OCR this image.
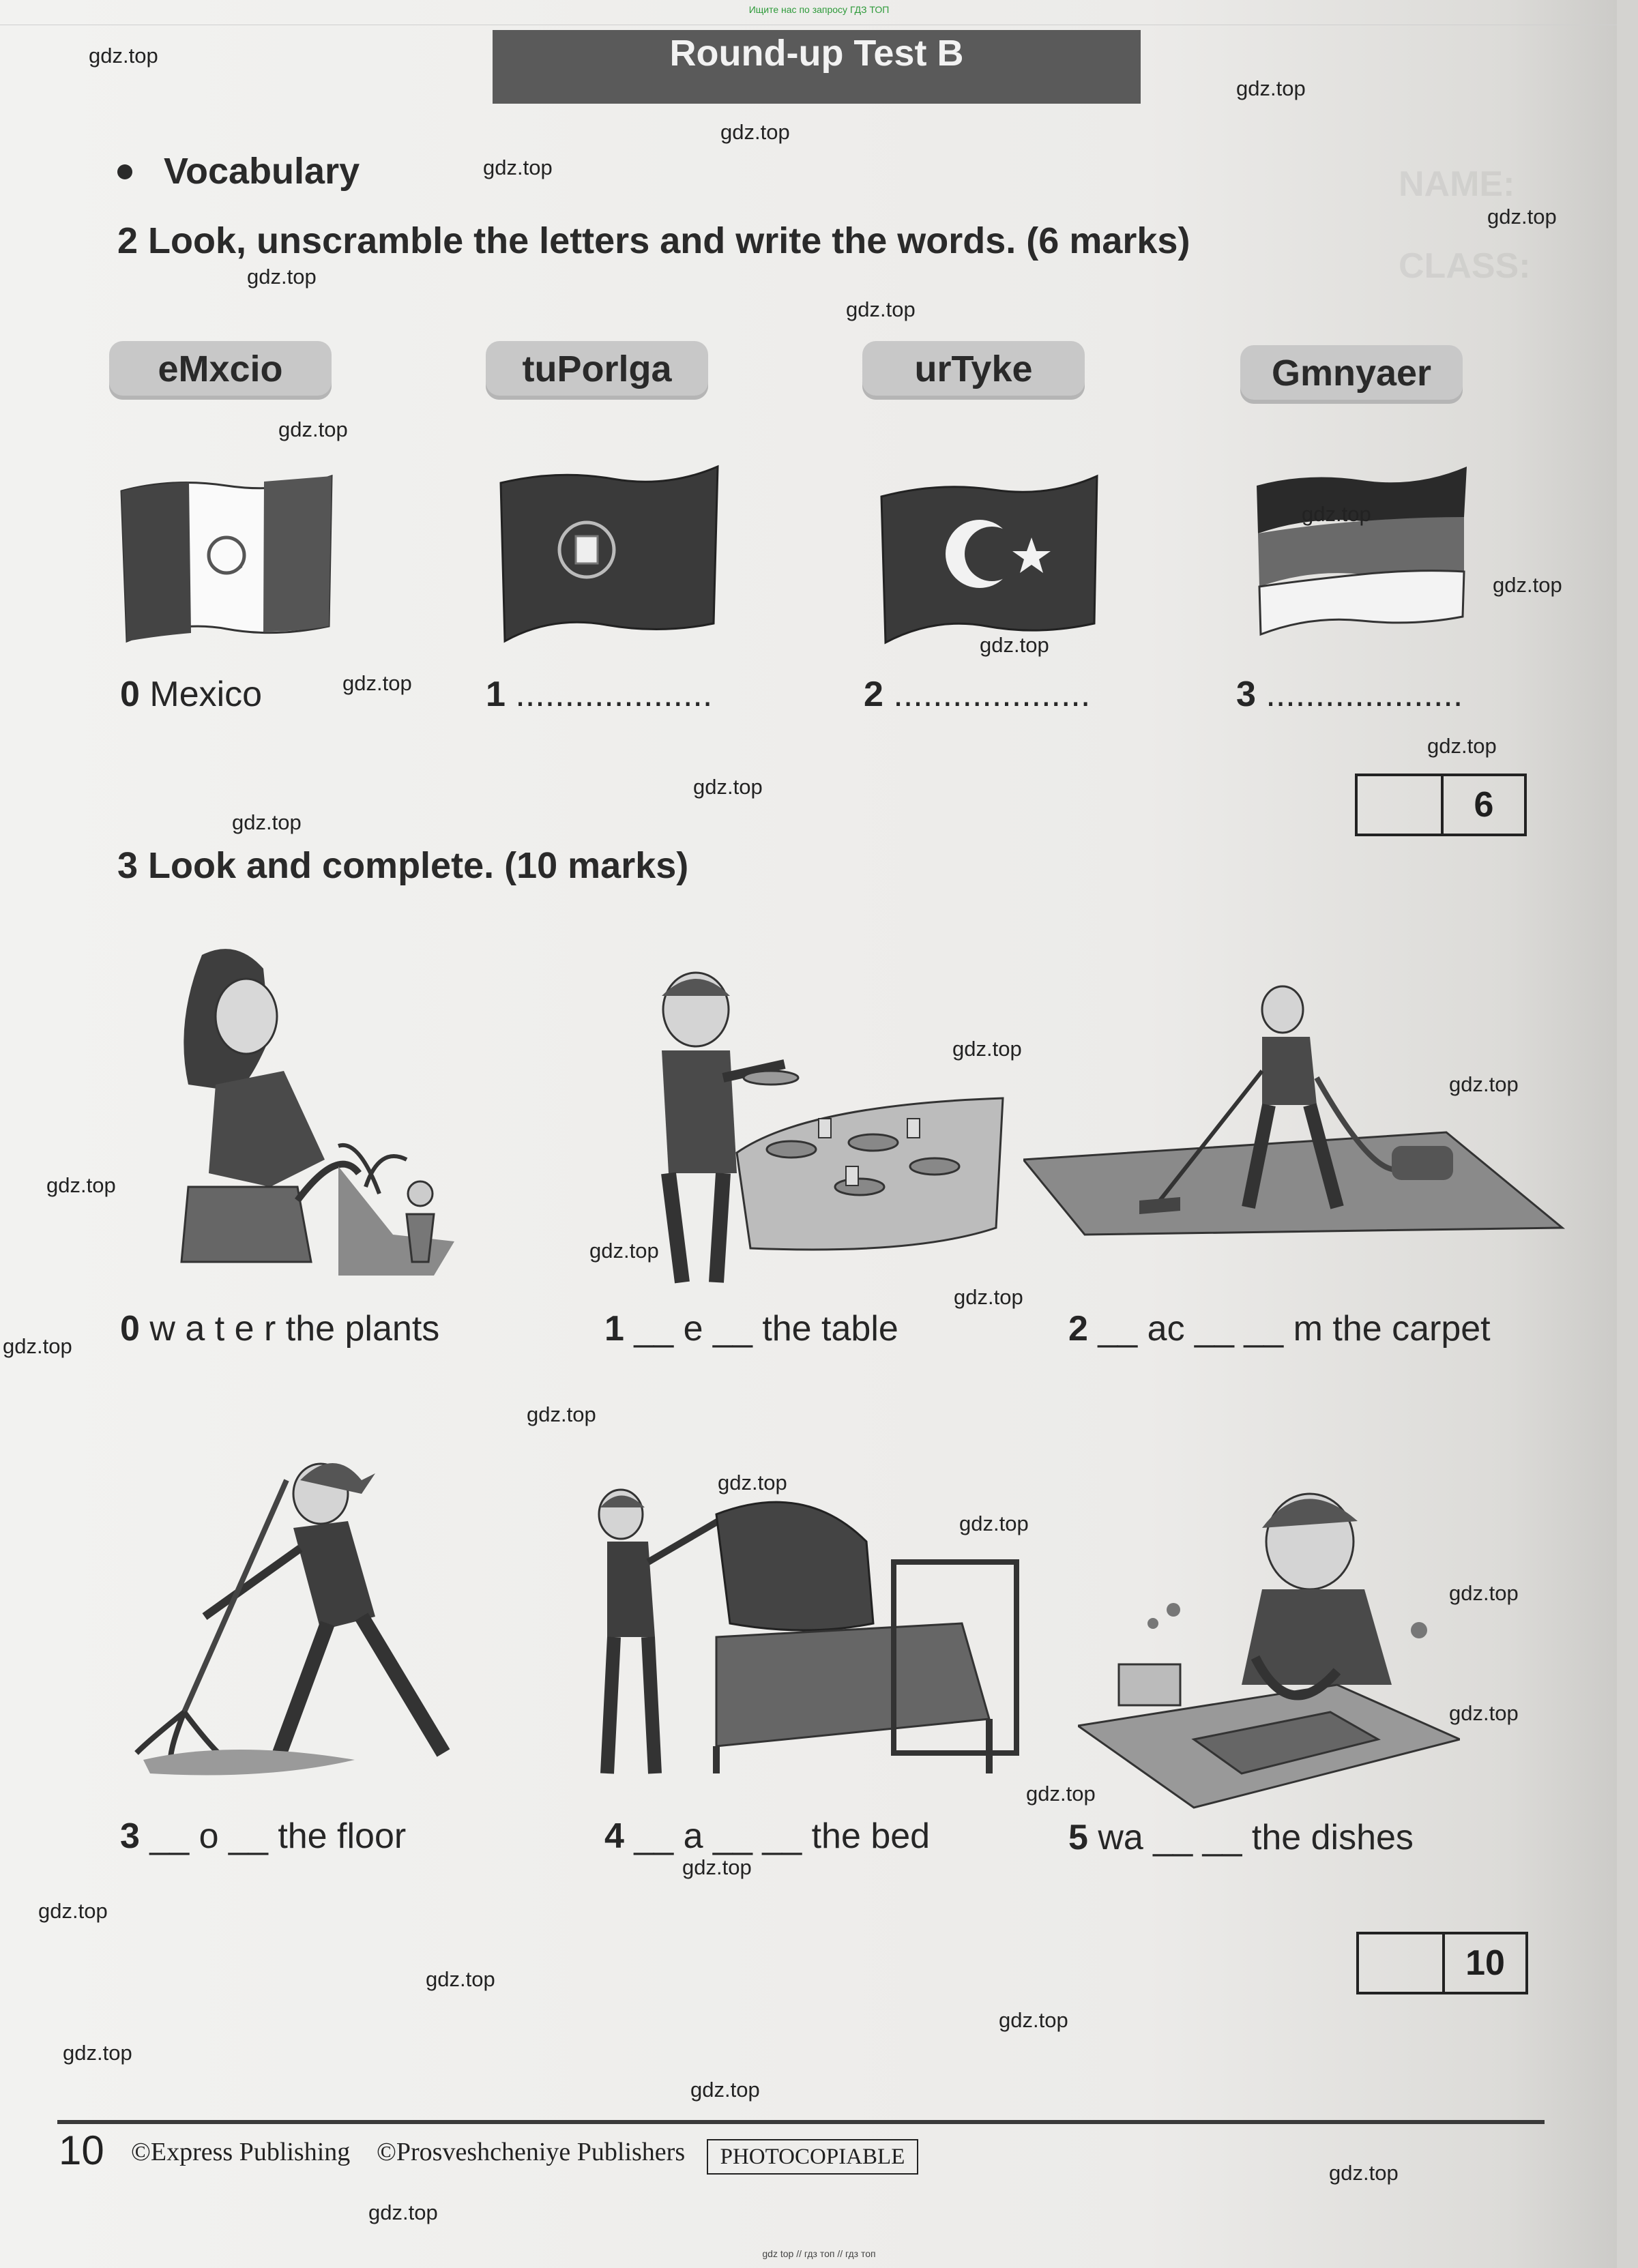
Ищите нас по запросу ГДЗ ТОП
NAME:
CLASS:
Round-up Test B
Vocabulary
2 Look, unscramble the letters and write the words. (6 marks)
eMxcio	tuPorlga	urTyke	Gmnyaer
0 Mexico	1 ....................	2 ....................	3 ....................
6
3 Look and complete. (10 marks)
0 w a t e r the plants	1 __ e __ the table	2 __ ac __ __ m the carpet
3 __ o __ the floor	4 __ a __ __ the bed	5 wa __ __ the dishes
10
gdz.top
gdz.top
gdz.top
gdz.top
gdz.top
gdz.top
gdz.top
gdz.top
gdz.top
gdz.top
gdz.top
gdz.top
gdz.top
gdz.top
gdz.top
gdz.top
gdz.top
gdz.top
gdz.top
gdz.top
gdz.top
gdz.top
gdz.top
gdz.top
gdz.top
gdz.top
gdz.top
gdz.top
gdz.top
gdz.top
gdz.top
gdz.top
gdz.top
gdz.top
gdz.top
10 ©Express Publishing ©Prosveshcheniye Publishers	PHOTOCOPIABLE
gdz top // гдз топ // гдз топ
